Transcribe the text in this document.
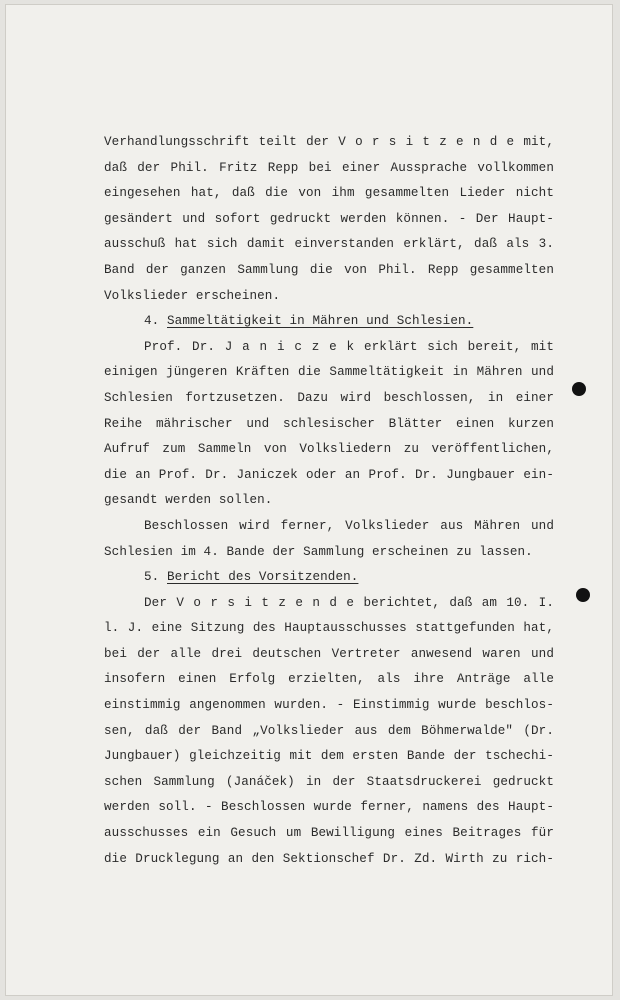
Verhandlungsschrift teilt der V o r s i t z e n d e mit,
daß der Phil. Fritz Repp bei einer Aussprache vollkommen
eingesehen hat, daß die von ihm gesammelten Lieder nicht
gesändert und sofort gedruckt werden können. - Der Haupt-
ausschuß hat sich damit einverstanden erklärt, daß als 3.
Band der ganzen Sammlung die von Phil. Repp gesammelten
Volkslieder erscheinen.
4. Sammeltätigkeit in Mähren und Schlesien.
Prof. Dr. J a n i c z e k erklärt sich bereit, mit
einigen jüngeren Kräften die Sammeltätigkeit in Mähren und
Schlesien fortzusetzen. Dazu wird beschlossen, in einer
Reihe mährischer und schlesischer Blätter einen kurzen
Aufruf zum Sammeln von Volksliedern zu veröffentlichen,
die an Prof. Dr. Janiczek oder an Prof. Dr. Jungbauer ein-
gesandt werden sollen.
Beschlossen wird ferner, Volkslieder aus Mähren und
Schlesien im 4. Bande der Sammlung erscheinen zu lassen.
5. Bericht des Vorsitzenden.
Der V o r s i t z e n d e berichtet, daß am 10. I.
l. J. eine Sitzung des Hauptausschusses stattgefunden hat,
bei der alle drei deutschen Vertreter anwesend waren und
insofern einen Erfolg erzielten, als ihre Anträge alle
einstimmig angenommen wurden. - Einstimmig wurde beschlos-
sen, daß der Band „Volkslieder aus dem Böhmerwalde" (Dr.
Jungbauer) gleichzeitig mit dem ersten Bande der tschechi-
schen Sammlung (Janáček) in der Staatsdruckerei gedruckt
werden soll. - Beschlossen wurde ferner, namens des Haupt-
ausschusses ein Gesuch um Bewilligung eines Beitrages für
die Drucklegung an den Sektionschef Dr. Zd. Wirth zu rich-
